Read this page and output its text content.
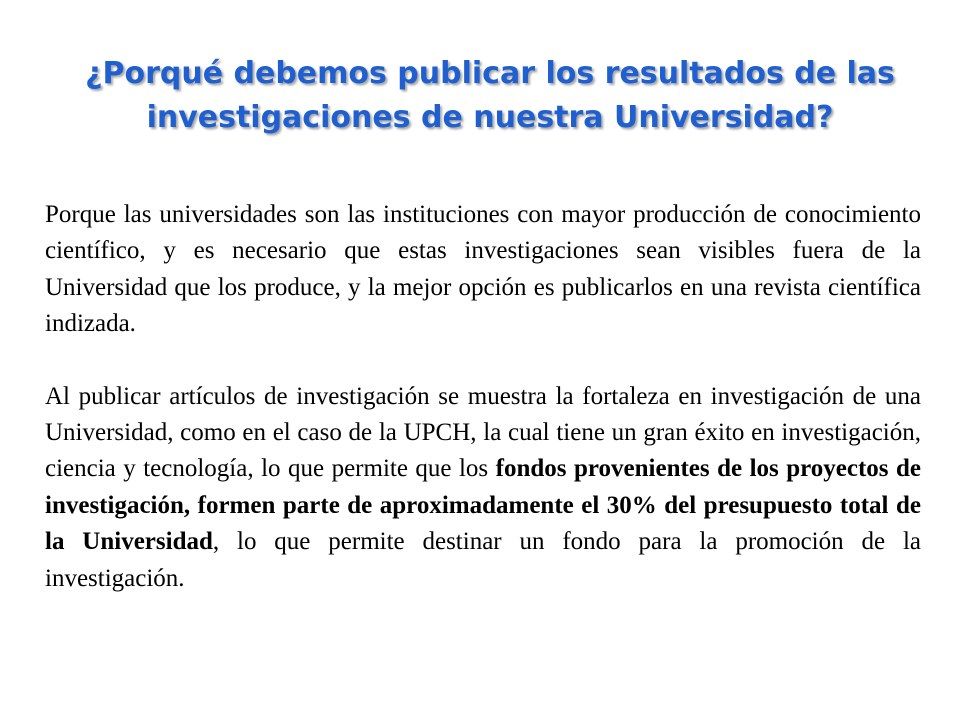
¿Porqué debemos publicar los resultados de las
investigaciones de nuestra Universidad?

Porque las universidades son las instituciones con mayor producción de conocimiento científico, y es necesario que estas investigaciones sean visibles fuera de la Universidad que los produce, y la mejor opción es publicarlos en una revista científica indizada.

Al publicar artículos de investigación se muestra la fortaleza en investigación de una Universidad, como en el caso de la UPCH, la cual tiene un gran éxito en investigación, ciencia y tecnología, lo que permite que los fondos provenientes de los proyectos de investigación, formen parte de aproximadamente el 30% del presupuesto total de la Universidad, lo que permite destinar un fondo para la promoción de la investigación.
